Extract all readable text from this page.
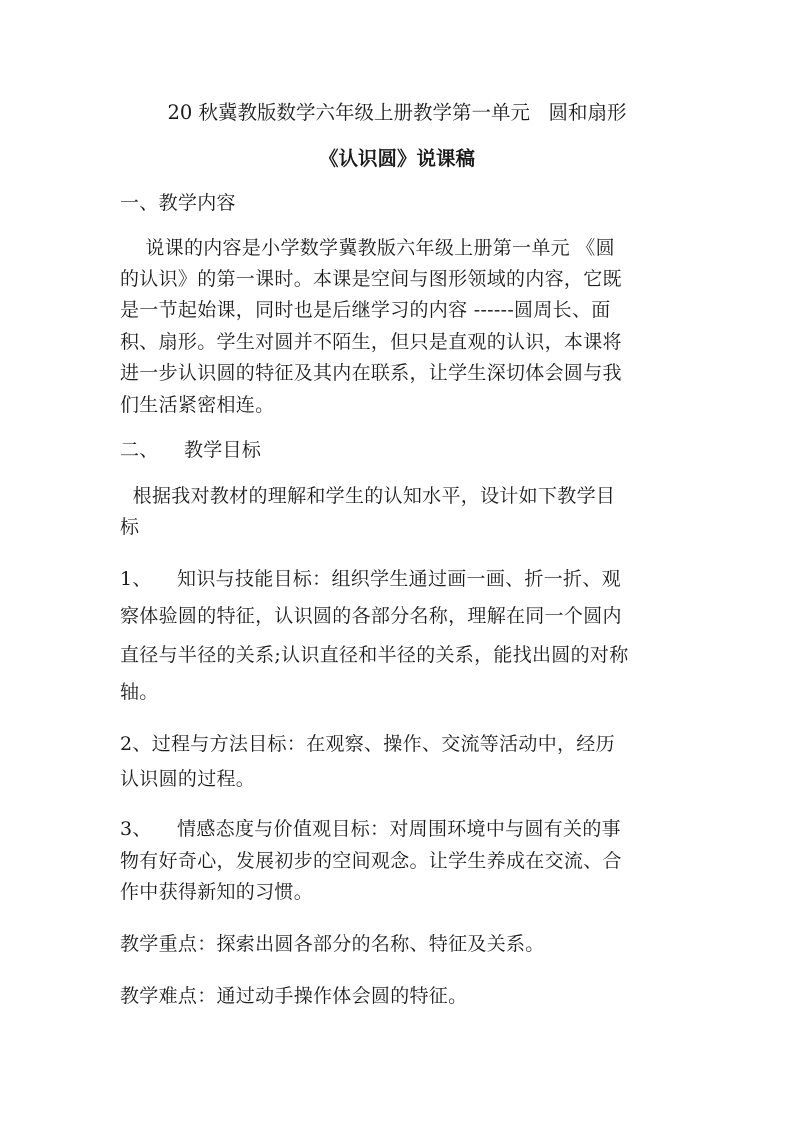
20 秋冀教版数学六年级上册教学第一单元   圆和扇形
《认识圆》说课稿
一、教学内容
说课的内容是小学数学冀教版六年级上册第一单元 《圆
的认识》的第一课时。本课是空间与图形领域的内容，它既
是一节起始课，同时也是后继学习的内容 ------圆周长、面
积、扇形。学生对圆并不陌生，但只是直观的认识，本课将
进一步认识圆的特征及其内在联系，让学生深切体会圆与我
们生活紧密相连。
二、    教学目标
根据我对教材的理解和学生的认知水平，设计如下教学目
标
1、    知识与技能目标：组织学生通过画一画、折一折、观
察体验圆的特征，认识圆的各部分名称，理解在同一个圆内
直径与半径的关系;认识直径和半径的关系，能找出圆的对称
轴。
2、过程与方法目标：在观察、操作、交流等活动中，经历
认识圆的过程。
3、    情感态度与价值观目标：对周围环境中与圆有关的事
物有好奇心，发展初步的空间观念。让学生养成在交流、合
作中获得新知的习惯。
教学重点：探索出圆各部分的名称、特征及关系。
教学难点：通过动手操作体会圆的特征。
